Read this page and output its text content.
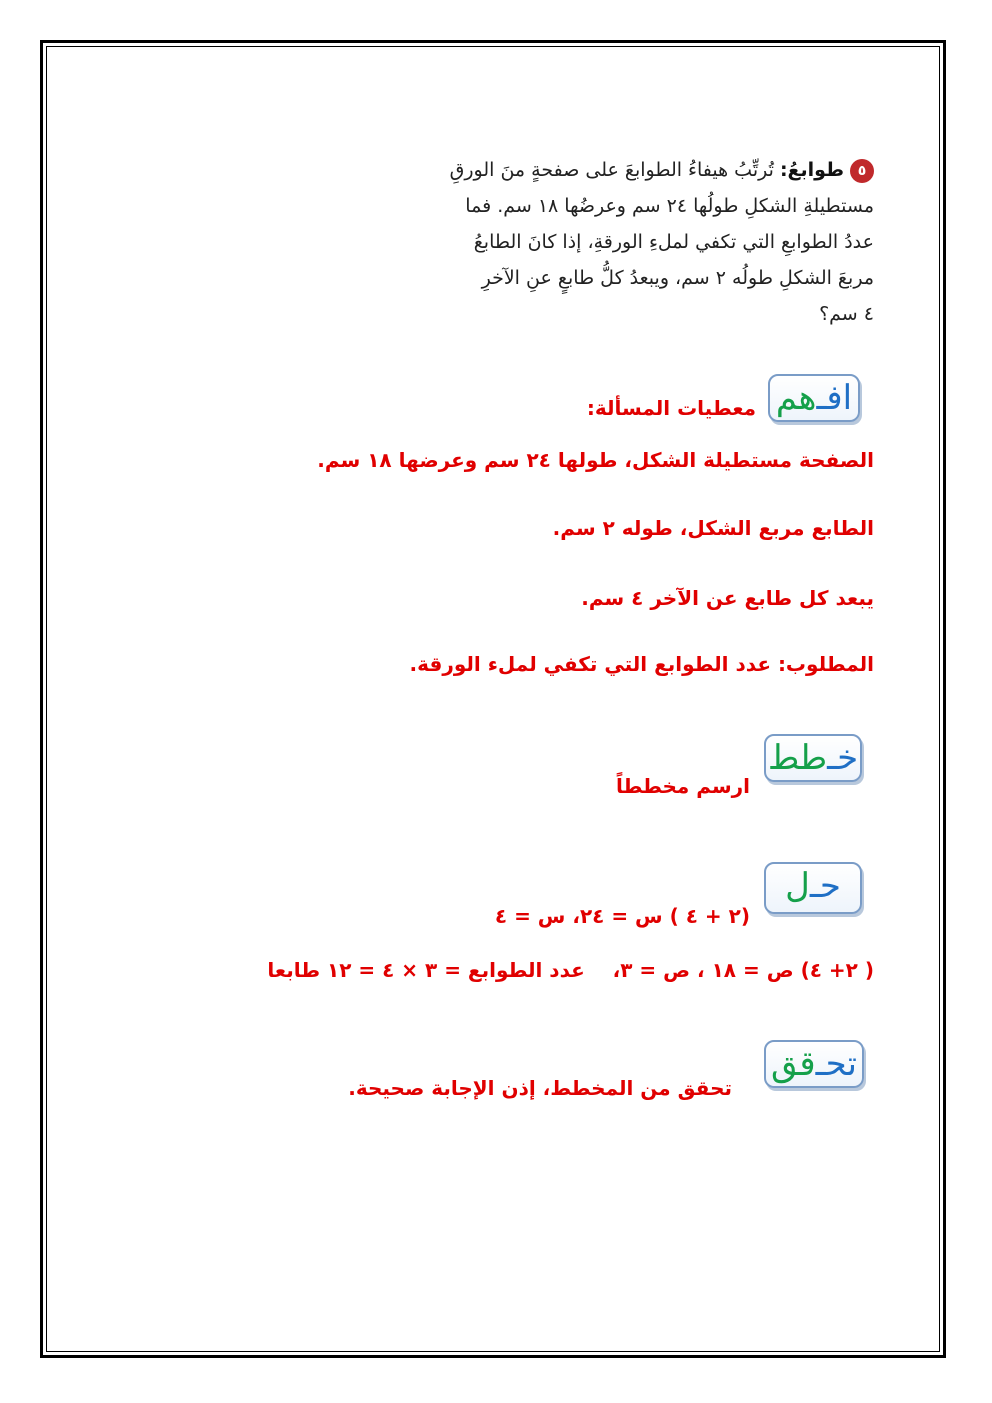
٥طوابعُ: تُرتِّبُ هيفاءُ الطوابعَ على صفحةٍ منَ الورقِ
مستطيلةِ الشكلِ طولُها ٢٤ سم وعرضُها ١٨ سم. فما
عددُ الطوابعِ التي تكفي لملءِ الورقةِ، إذا كانَ الطابعُ
مربعَ الشكلِ طولُه ٢ سم، ويبعدُ كلُّ طابعٍ عنِ الآخرِ
٤ سم؟
افـهم
معطيات المسألة:
الصفحة مستطيلة الشكل، طولها ٢٤ سم وعرضها ١٨ سم.
الطابع مربع الشكل، طوله ٢ سم.
يبعد كل طابع عن الآخر ٤ سم.
المطلوب: عدد الطوابع التي تكفي لملء الورقة.
خـطط
ارسم مخططاً
حـل
(٢ + ٤ ) س = ٢٤، س = ٤
( ٢+ ٤) ص = ١٨ ، ص = ٣،    عدد الطوابع = ٣ × ٤ = ١٢ طابعا
تحـقق
تحقق من المخطط، إذن الإجابة صحيحة.
